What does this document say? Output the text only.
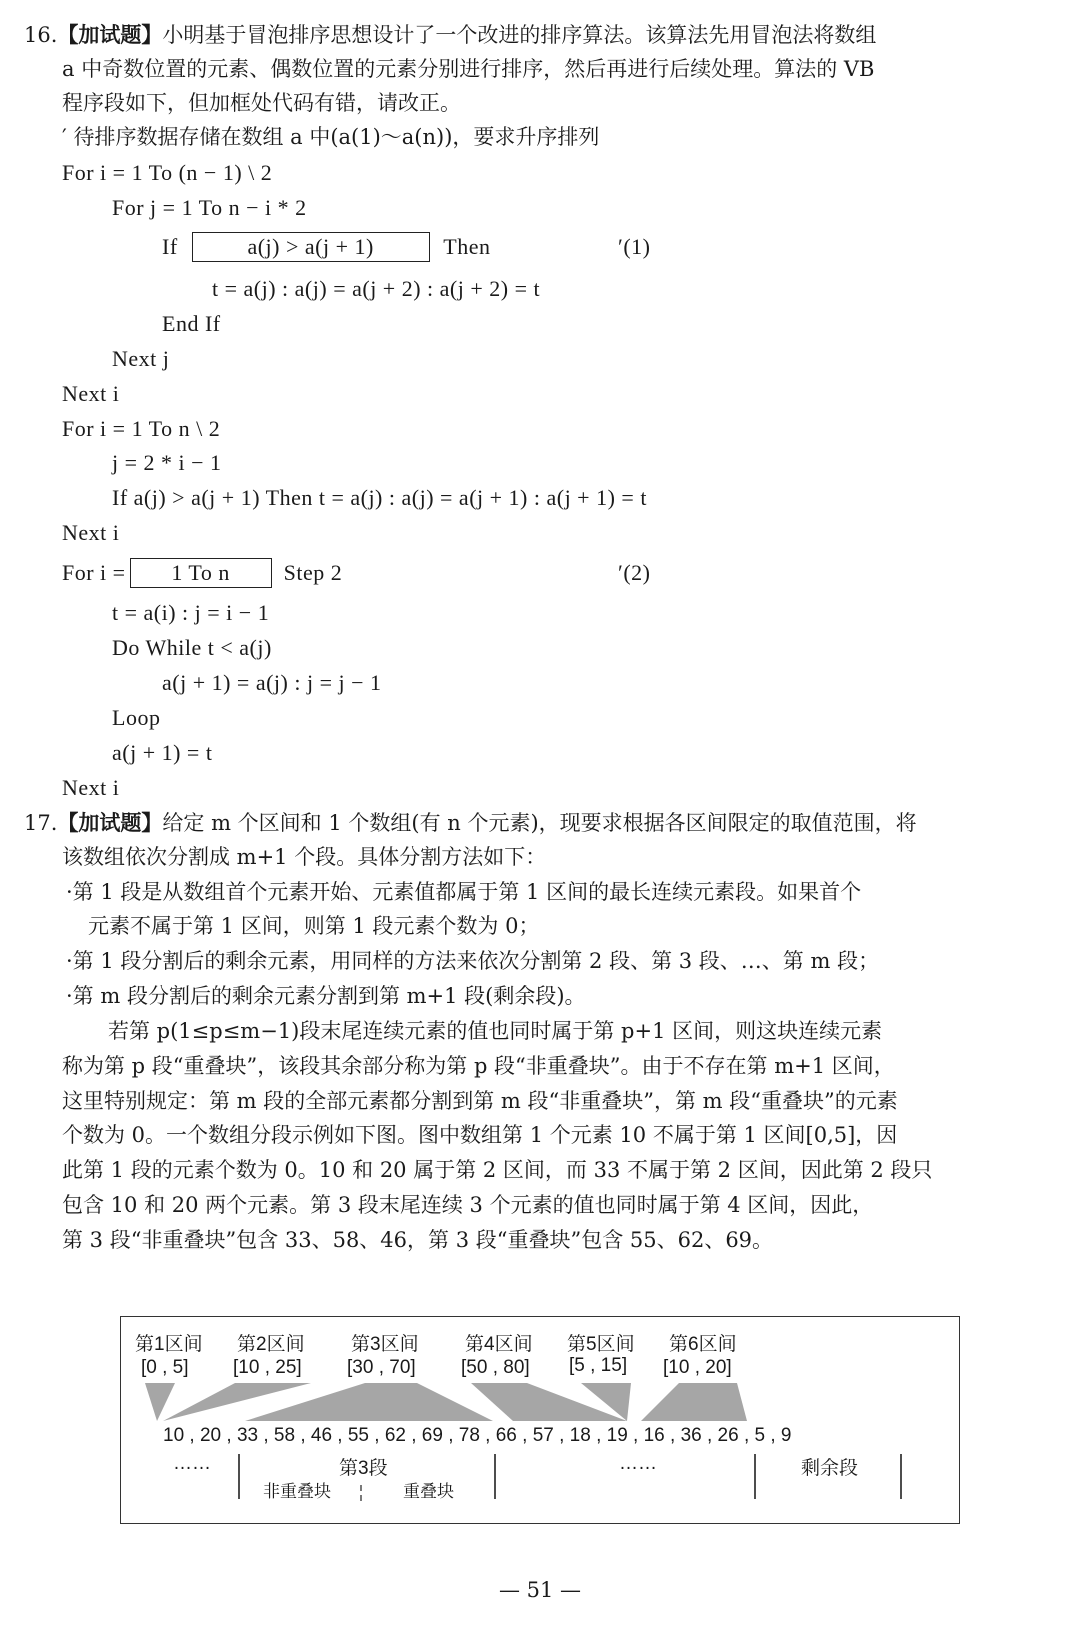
16.【加试题】小明基于冒泡排序思想设计了一个改进的排序算法。该算法先用冒泡法将数组
a 中奇数位置的元素、偶数位置的元素分别进行排序，然后再进行后续处理。算法的 VB
程序段如下，但加框处代码有错，请改正。
′ 待排序数据存储在数组 a 中(a(1)～a(n))，要求升序排列
For i = 1 To (n − 1) \ 2
For j = 1 To n − i * 2
If	a(j) > a(j + 1)	Then	′(1)
t = a(j) : a(j) = a(j + 2) : a(j + 2) = t
End If
Next j
Next i
For i = 1 To n \ 2
j = 2 * i − 1
If a(j) > a(j + 1) Then t = a(j) : a(j) = a(j + 1) : a(j + 1) = t
Next i
For i = 1 To n Step 2	′(2)
t = a(i) : j = i − 1
Do While t < a(j)
a(j + 1) = a(j) : j = j − 1
Loop
a(j + 1) = t
Next i
17.【加试题】给定 m 个区间和 1 个数组(有 n 个元素)，现要求根据各区间限定的取值范围，将
该数组依次分割成 m+1 个段。具体分割方法如下：
·第 1 段是从数组首个元素开始、元素值都属于第 1 区间的最长连续元素段。如果首个
元素不属于第 1 区间，则第 1 段元素个数为 0；
·第 1 段分割后的剩余元素，用同样的方法来依次分割第 2 段、第 3 段、…、第 m 段；
·第 m 段分割后的剩余元素分割到第 m+1 段(剩余段)。
若第 p(1≤p≤m−1)段末尾连续元素的值也同时属于第 p+1 区间，则这块连续元素
称为第 p 段“重叠块”，该段其余部分称为第 p 段“非重叠块”。由于不存在第 m+1 区间，
这里特别规定：第 m 段的全部元素都分割到第 m 段“非重叠块”，第 m 段“重叠块”的元素
个数为 0。一个数组分段示例如下图。图中数组第 1 个元素 10 不属于第 1 区间[0,5]，因
此第 1 段的元素个数为 0。10 和 20 属于第 2 区间，而 33 不属于第 2 区间，因此第 2 段只
包含 10 和 20 两个元素。第 3 段末尾连续 3 个元素的值也同时属于第 4 区间，因此，
第 3 段“非重叠块”包含 33、58、46，第 3 段“重叠块”包含 55、62、69。
第1区间
[0 , 5]
第2区间
[10 , 25]
第3区间
[30 , 70]
第4区间
[50 , 80]
第5区间
[5 , 15]
第6区间
[10 , 20]
10 , 20 , 33 , 58 , 46 , 55 , 62 , 69 , 78 , 66 , 57 , 18 , 19 , 16 , 36 , 26 , 5 , 9
……	第3段
非重叠块	重叠块
……	剩余段
— 51 —
